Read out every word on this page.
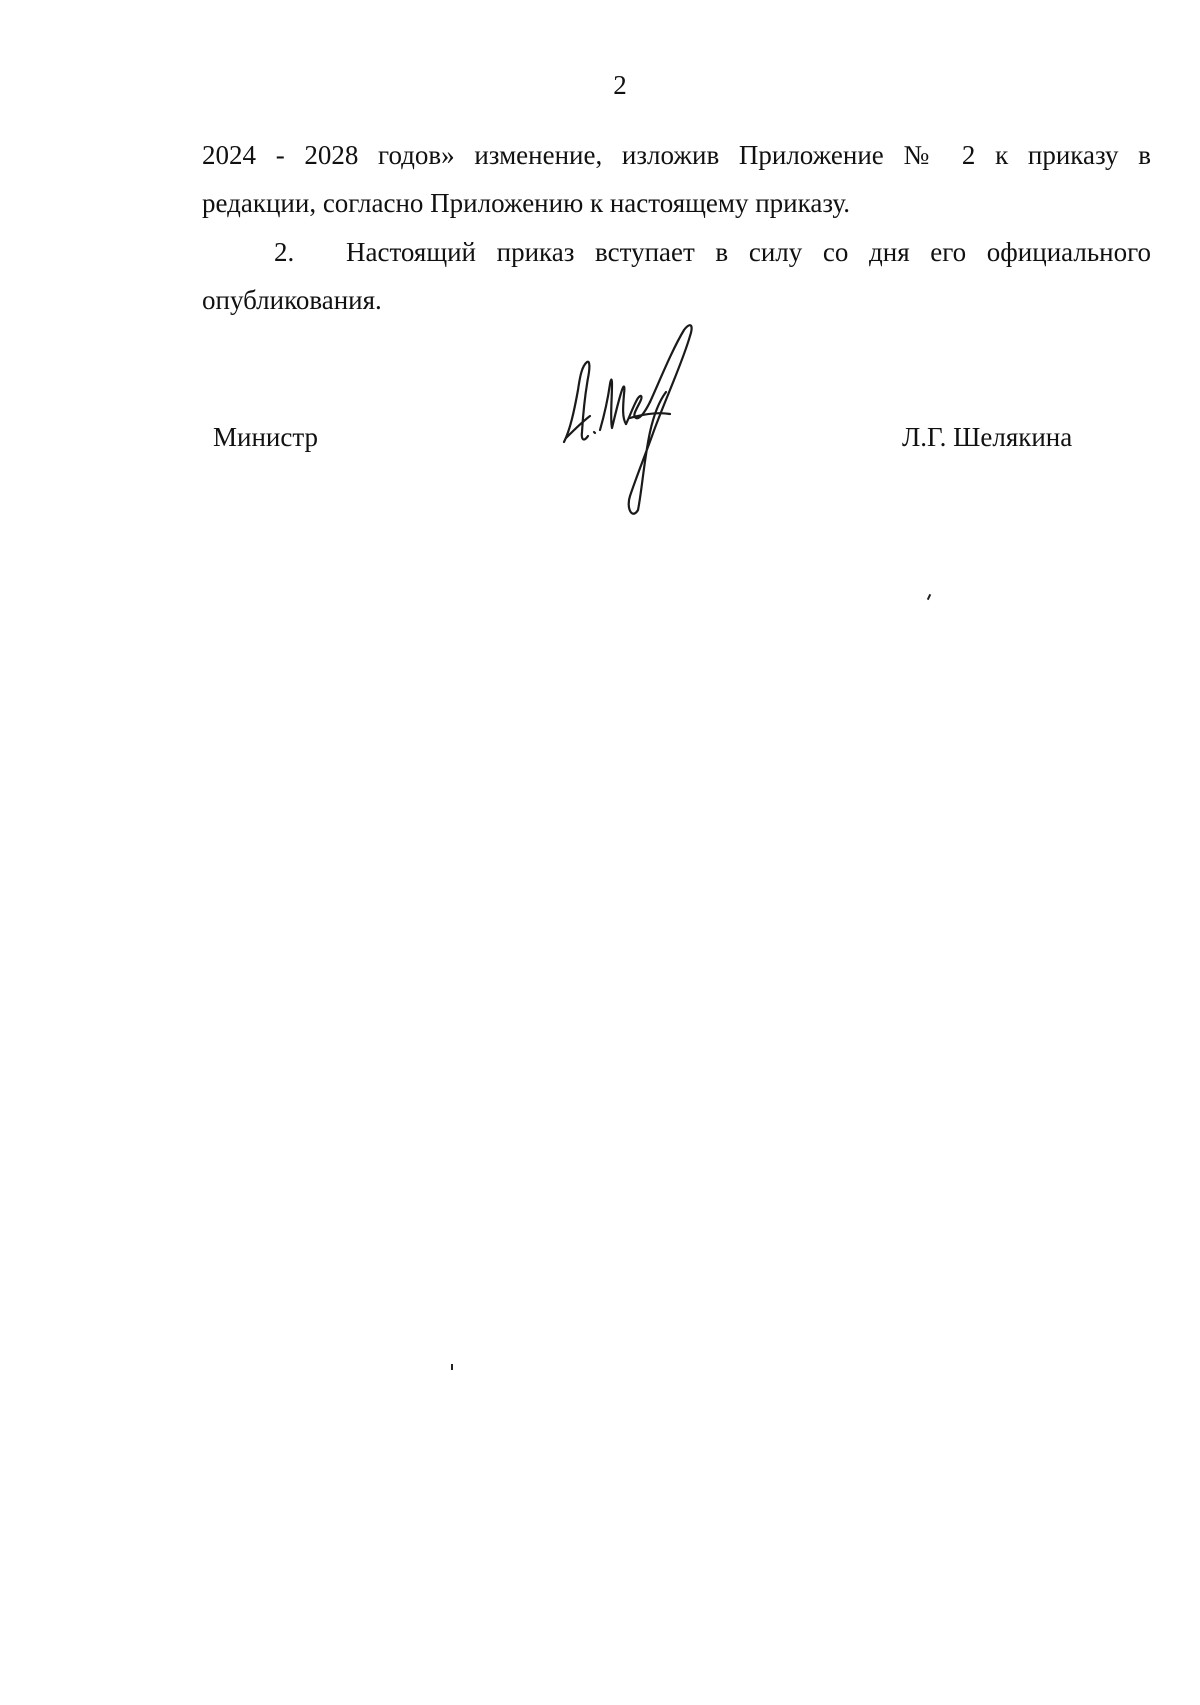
2
2024 - 2028 годов» изменение, изложив Приложение № 2 к приказу в
редакции, согласно Приложению к настоящему приказу.
2.	Настоящий приказ вступает в силу со дня его официального
опубликования.
Министр	Л.Г. Шелякина
